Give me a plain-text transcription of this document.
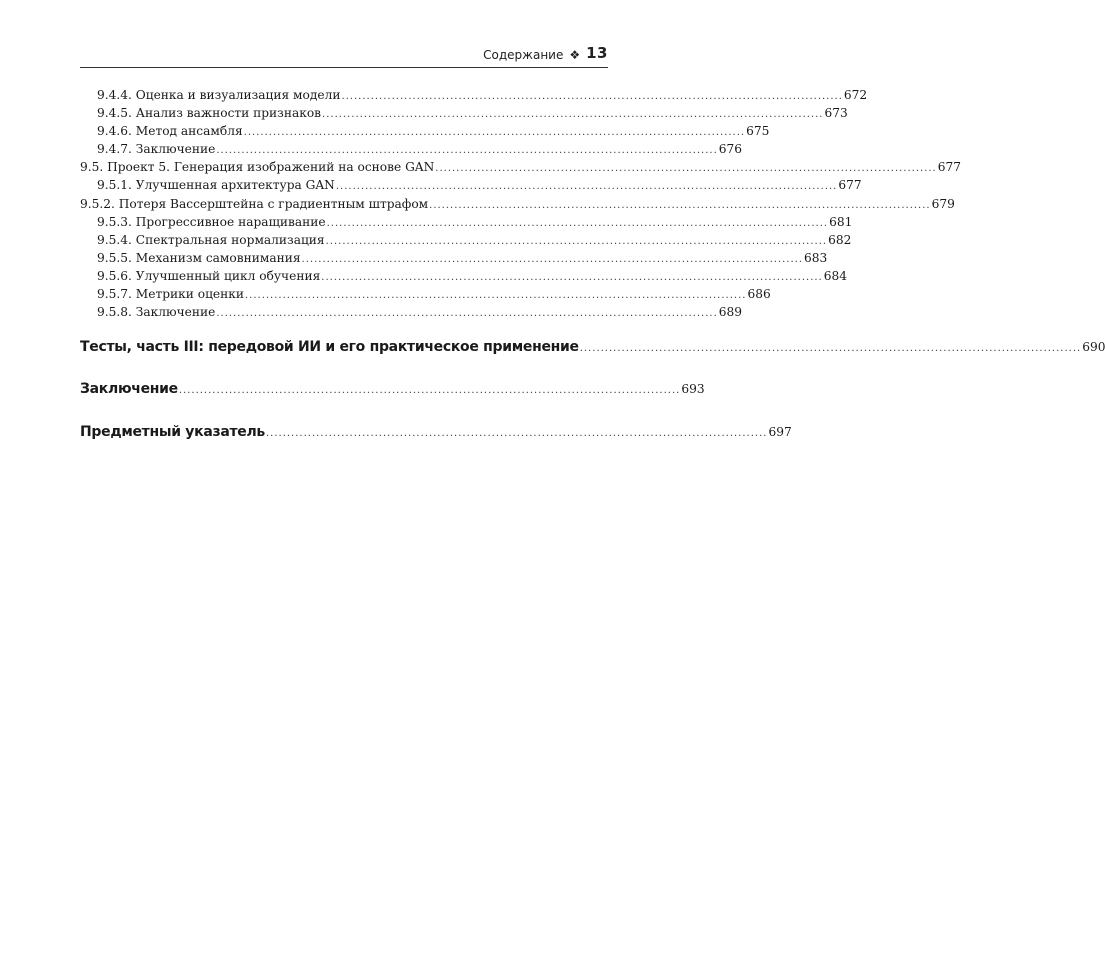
Содержание ❖ 13
9.4.4. Оценка и визуализация модели ........................................................................................................................ 672
9.4.5. Анализ важности признаков ........................................................................................................................ 673
9.4.6. Метод ансамбля ........................................................................................................................ 675
9.4.7. Заключение ........................................................................................................................ 676
9.5. Проект 5. Генерация изображений на основе GAN ........................................................................................................................ 677
9.5.1. Улучшенная архитектура GAN ........................................................................................................................ 677
9.5.2. Потеря Вассерштейна с градиентным штрафом ........................................................................................................................ 679
9.5.3. Прогрессивное наращивание ........................................................................................................................ 681
9.5.4. Спектральная нормализация ........................................................................................................................ 682
9.5.5. Механизм самовнимания ........................................................................................................................ 683
9.5.6. Улучшенный цикл обучения ........................................................................................................................ 684
9.5.7. Метрики оценки ........................................................................................................................ 686
9.5.8. Заключение ........................................................................................................................ 689
Тесты, часть III: передовой ИИ и его практическое применение ........................................................................................................................ 690
Заключение ........................................................................................................................ 693
Предметный указатель ........................................................................................................................ 697
